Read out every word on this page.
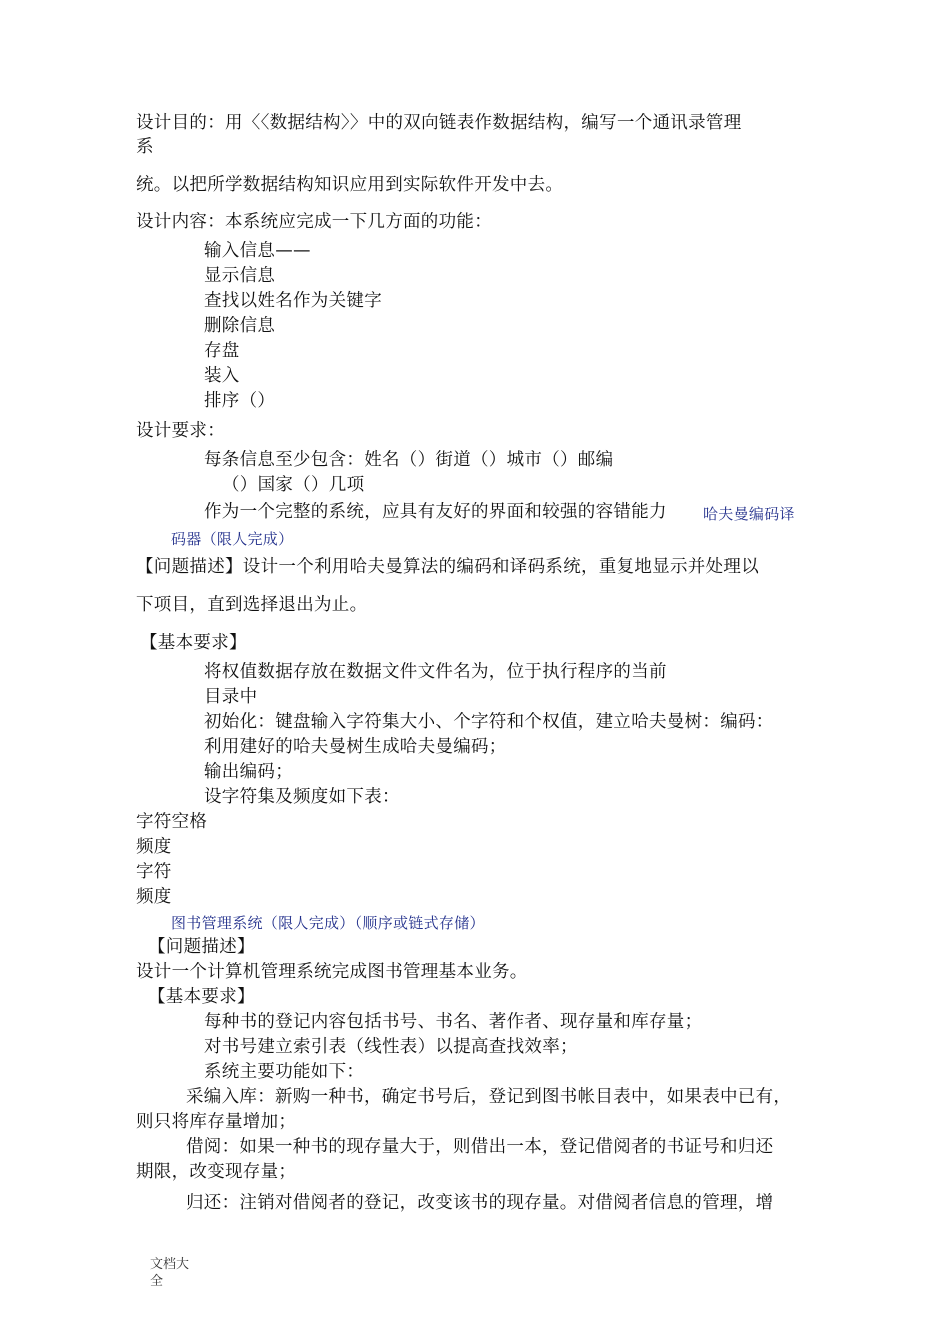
设计目的：用〈〈数据结构〉〉中的双向链表作数据结构，编写一个通讯录管理
系
统。以把所学数据结构知识应用到实际软件开发中去。
设计内容：本系统应完成一下几方面的功能：
输入信息——
显示信息
查找以姓名作为关键字
删除信息
存盘
装入
排序（）
设计要求：
每条信息至少包含：姓名（）街道（）城市（）邮编
（）国家（）几项
作为一个完整的系统，应具有友好的界面和较强的容错能力 哈夫曼编码译
码器（限人完成）
【问题描述】设计一个利用哈夫曼算法的编码和译码系统，重复地显示并处理以
下项目，直到选择退出为止。
【基本要求】
将权值数据存放在数据文件文件名为，位于执行程序的当前
目录中
初始化：键盘输入字符集大小、个字符和个权值，建立哈夫曼树：编码：
利用建好的哈夫曼树生成哈夫曼编码；
输出编码；
设字符集及频度如下表：
字符空格
频度
字符
频度
图书管理系统（限人完成）（顺序或链式存储）
【问题描述】
设计一个计算机管理系统完成图书管理基本业务。
【基本要求】
每种书的登记内容包括书号、书名、著作者、现存量和库存量；
对书号建立索引表（线性表）以提高查找效率；
系统主要功能如下：
采编入库：新购一种书，确定书号后，登记到图书帐目表中，如果表中已有，
则只将库存量增加；
借阅：如果一种书的现存量大于，则借出一本，登记借阅者的书证号和归还
期限，改变现存量；
归还：注销对借阅者的登记，改变该书的现存量。对借阅者信息的管理，增
文档大
全
